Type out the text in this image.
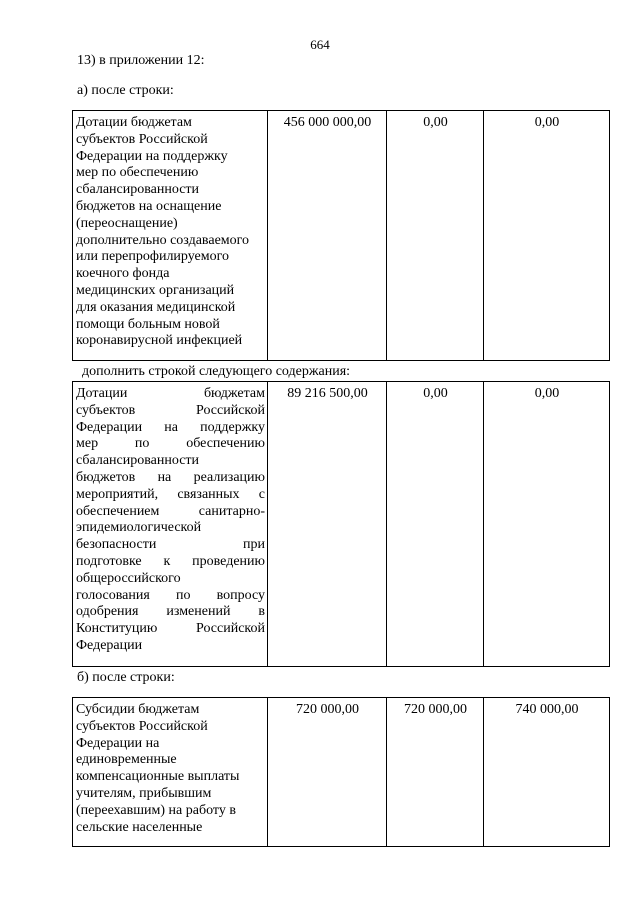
664
13) в приложении 12:
а) после строки:
Дотации бюджетам
субъектов Российской
Федерации на поддержку
мер по обеспечению
сбалансированности
бюджетов на оснащение
(переоснащение)
дополнительно создаваемого
или перепрофилируемого
коечного фонда
медицинских организаций
для оказания медицинской
помощи больным новой
коронавирусной инфекцией	456 000 000,00	0,00	0,00
дополнить строкой следующего содержания:
Дотации	бюджетам
субъектов	Российской
Федерации на поддержку
мер	по	обеспечению
сбалансированности
бюджетов на реализацию
мероприятий, связанных с
обеспечением	санитарно-
эпидемиологической
безопасности	при
подготовке к проведению
общероссийского
голосования по вопросу
одобрения изменений в
Конституцию	Российской
Федерации
	89 216 500,00	0,00	0,00
б) после строки:
Субсидии бюджетам
субъектов Российской
Федерации на
единовременные
компенсационные выплаты
учителям, прибывшим
(переехавшим) на работу в
сельские населенные	720 000,00	720 000,00	740 000,00
